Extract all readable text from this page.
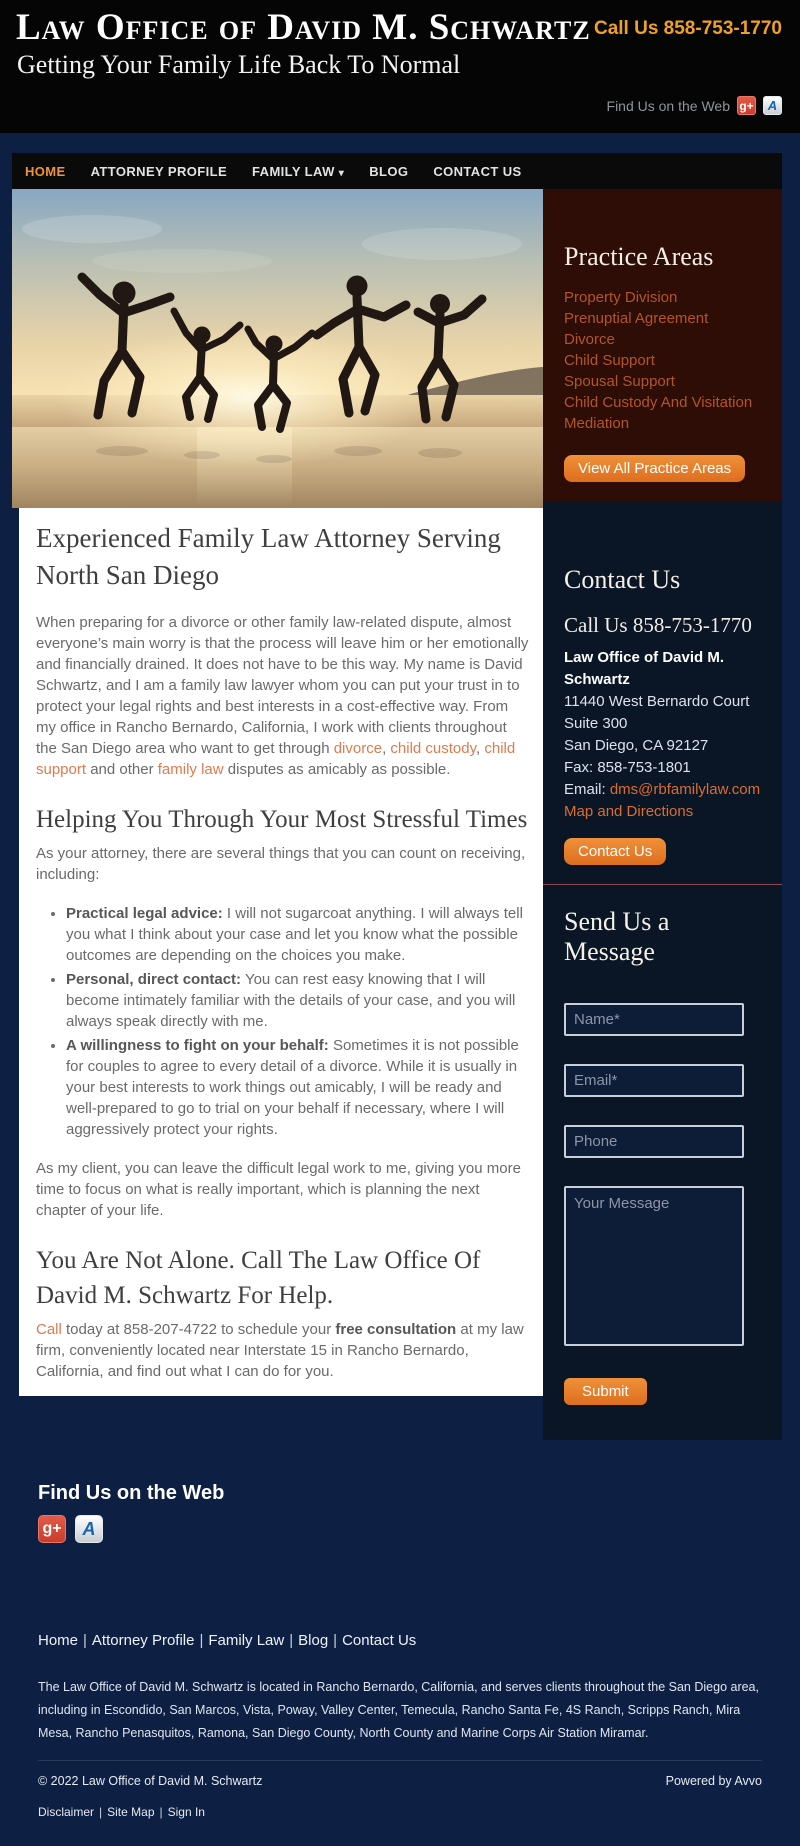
Law Office of David M. Schwartz
Getting Your Family Life Back To Normal
Call Us 858-753-1770
Find Us on the Web g+	A
HOME ATTORNEY PROFILE FAMILY LAW ▾ BLOG CONTACT US
Practice Areas
Property Division
Prenuptial Agreement
Divorce
Child Support
Spousal Support
Child Custody And Visitation
Mediation
View All Practice Areas
Contact Us
Call Us 858-753-1770
Law Office of David M. Schwartz
11440 West Bernardo Court
Suite 300
San Diego, CA 92127
Fax: 858-753-1801
Email: dms@rbfamilylaw.com
Map and Directions
Contact Us
Send Us a Message
Name*
Email*
Phone
Your Message Submit
Experienced Family Law Attorney Serving North San Diego

When preparing for a divorce or other family law-related dispute, almost everyone’s main worry is that the process will leave him or her emotionally and financially drained. It does not have to be this way. My name is David Schwartz, and I am a family law lawyer whom you can put your trust in to protect your legal rights and best interests in a cost-effective way. From my office in Rancho Bernardo, California, I work with clients throughout the San Diego area who want to get through divorce, child custody, child support and other family law disputes as amicably as possible.

Helping You Through Your Most Stressful Times

As your attorney, there are several things that you can count on receiving, including:

• Practical legal advice: I will not sugarcoat anything. I will always tell you what I think about your case and let you know what the possible outcomes are depending on the choices you make.
• Personal, direct contact: You can rest easy knowing that I will become intimately familiar with the details of your case, and you will always speak directly with me.
• A willingness to fight on your behalf: Sometimes it is not possible for couples to agree to every detail of a divorce. While it is usually in your best interests to work things out amicably, I will be ready and well-prepared to go to trial on your behalf if necessary, where I will aggressively protect your rights.

As my client, you can leave the difficult legal work to me, giving you more time to focus on what is really important, which is planning the next chapter of your life.

You Are Not Alone. Call The Law Office Of David M. Schwartz For Help.

Call today at 858-207-4722 to schedule your free consultation at my law firm, conveniently located near Interstate 15 in Rancho Bernardo, California, and find out what I can do for you.

Find Us on the Web
g+	A
Home | Attorney Profile | Family Law | Blog | Contact Us
The Law Office of David M. Schwartz is located in Rancho Bernardo, California, and serves clients throughout the San Diego area, including in Escondido, San Marcos, Vista, Poway, Valley Center, Temecula, Rancho Santa Fe, 4S Ranch, Scripps Ranch, Mira Mesa, Rancho Penasquitos, Ramona, San Diego County, North County and Marine Corps Air Station Miramar.
© 2022 Law Office of David M. Schwartz	Powered by Avvo
Disclaimer | Site Map | Sign In
